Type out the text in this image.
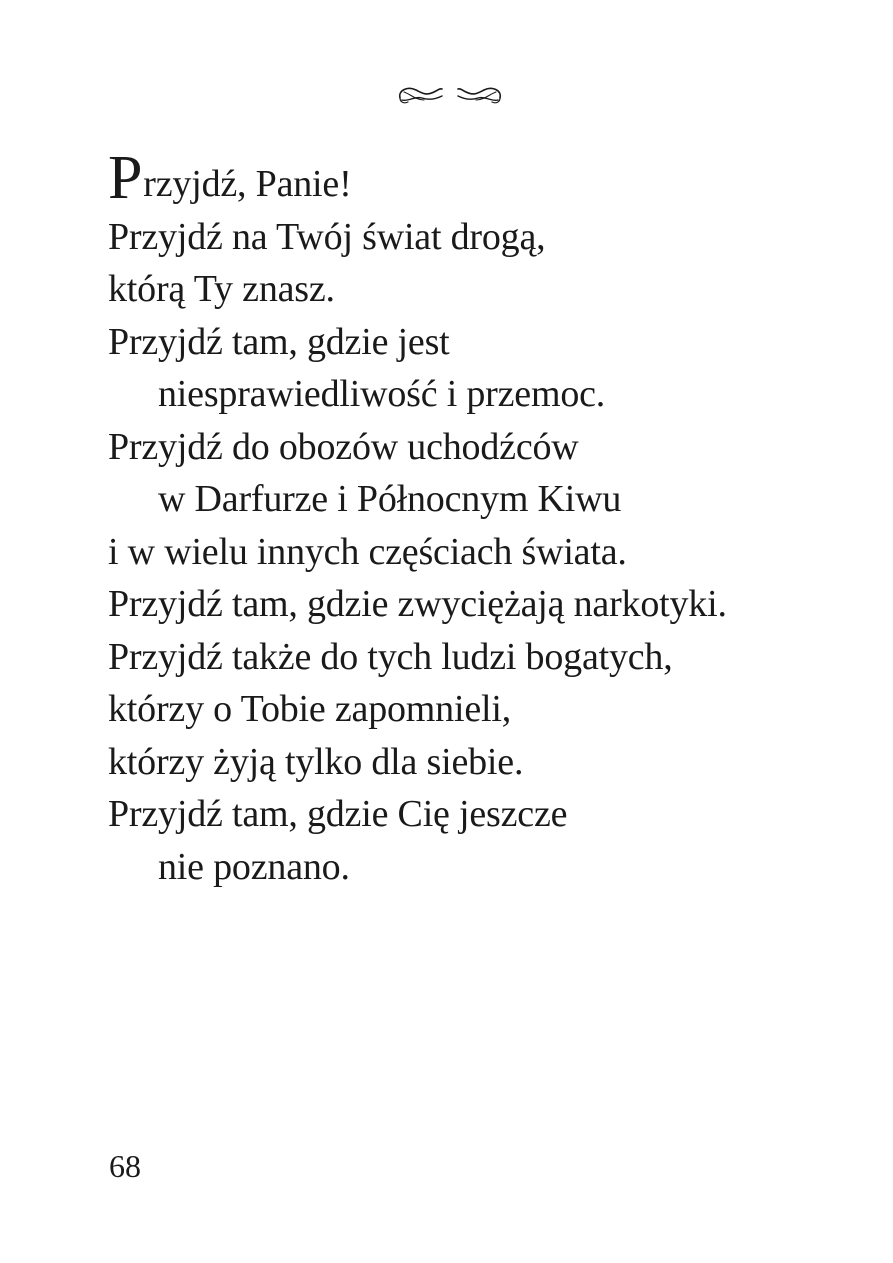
Przyjdź, Panie!
Przyjdź na Twój świat drogą,
którą Ty znasz.
Przyjdź tam, gdzie jest
niesprawiedliwość i przemoc.
Przyjdź do obozów uchodźców
w Darfurze i Północnym Kiwu
i w wielu innych częściach świata.
Przyjdź tam, gdzie zwyciężają narkotyki.
Przyjdź także do tych ludzi bogatych,
którzy o Tobie zapomnieli,
którzy żyją tylko dla siebie.
Przyjdź tam, gdzie Cię jeszcze
nie poznano.
68
